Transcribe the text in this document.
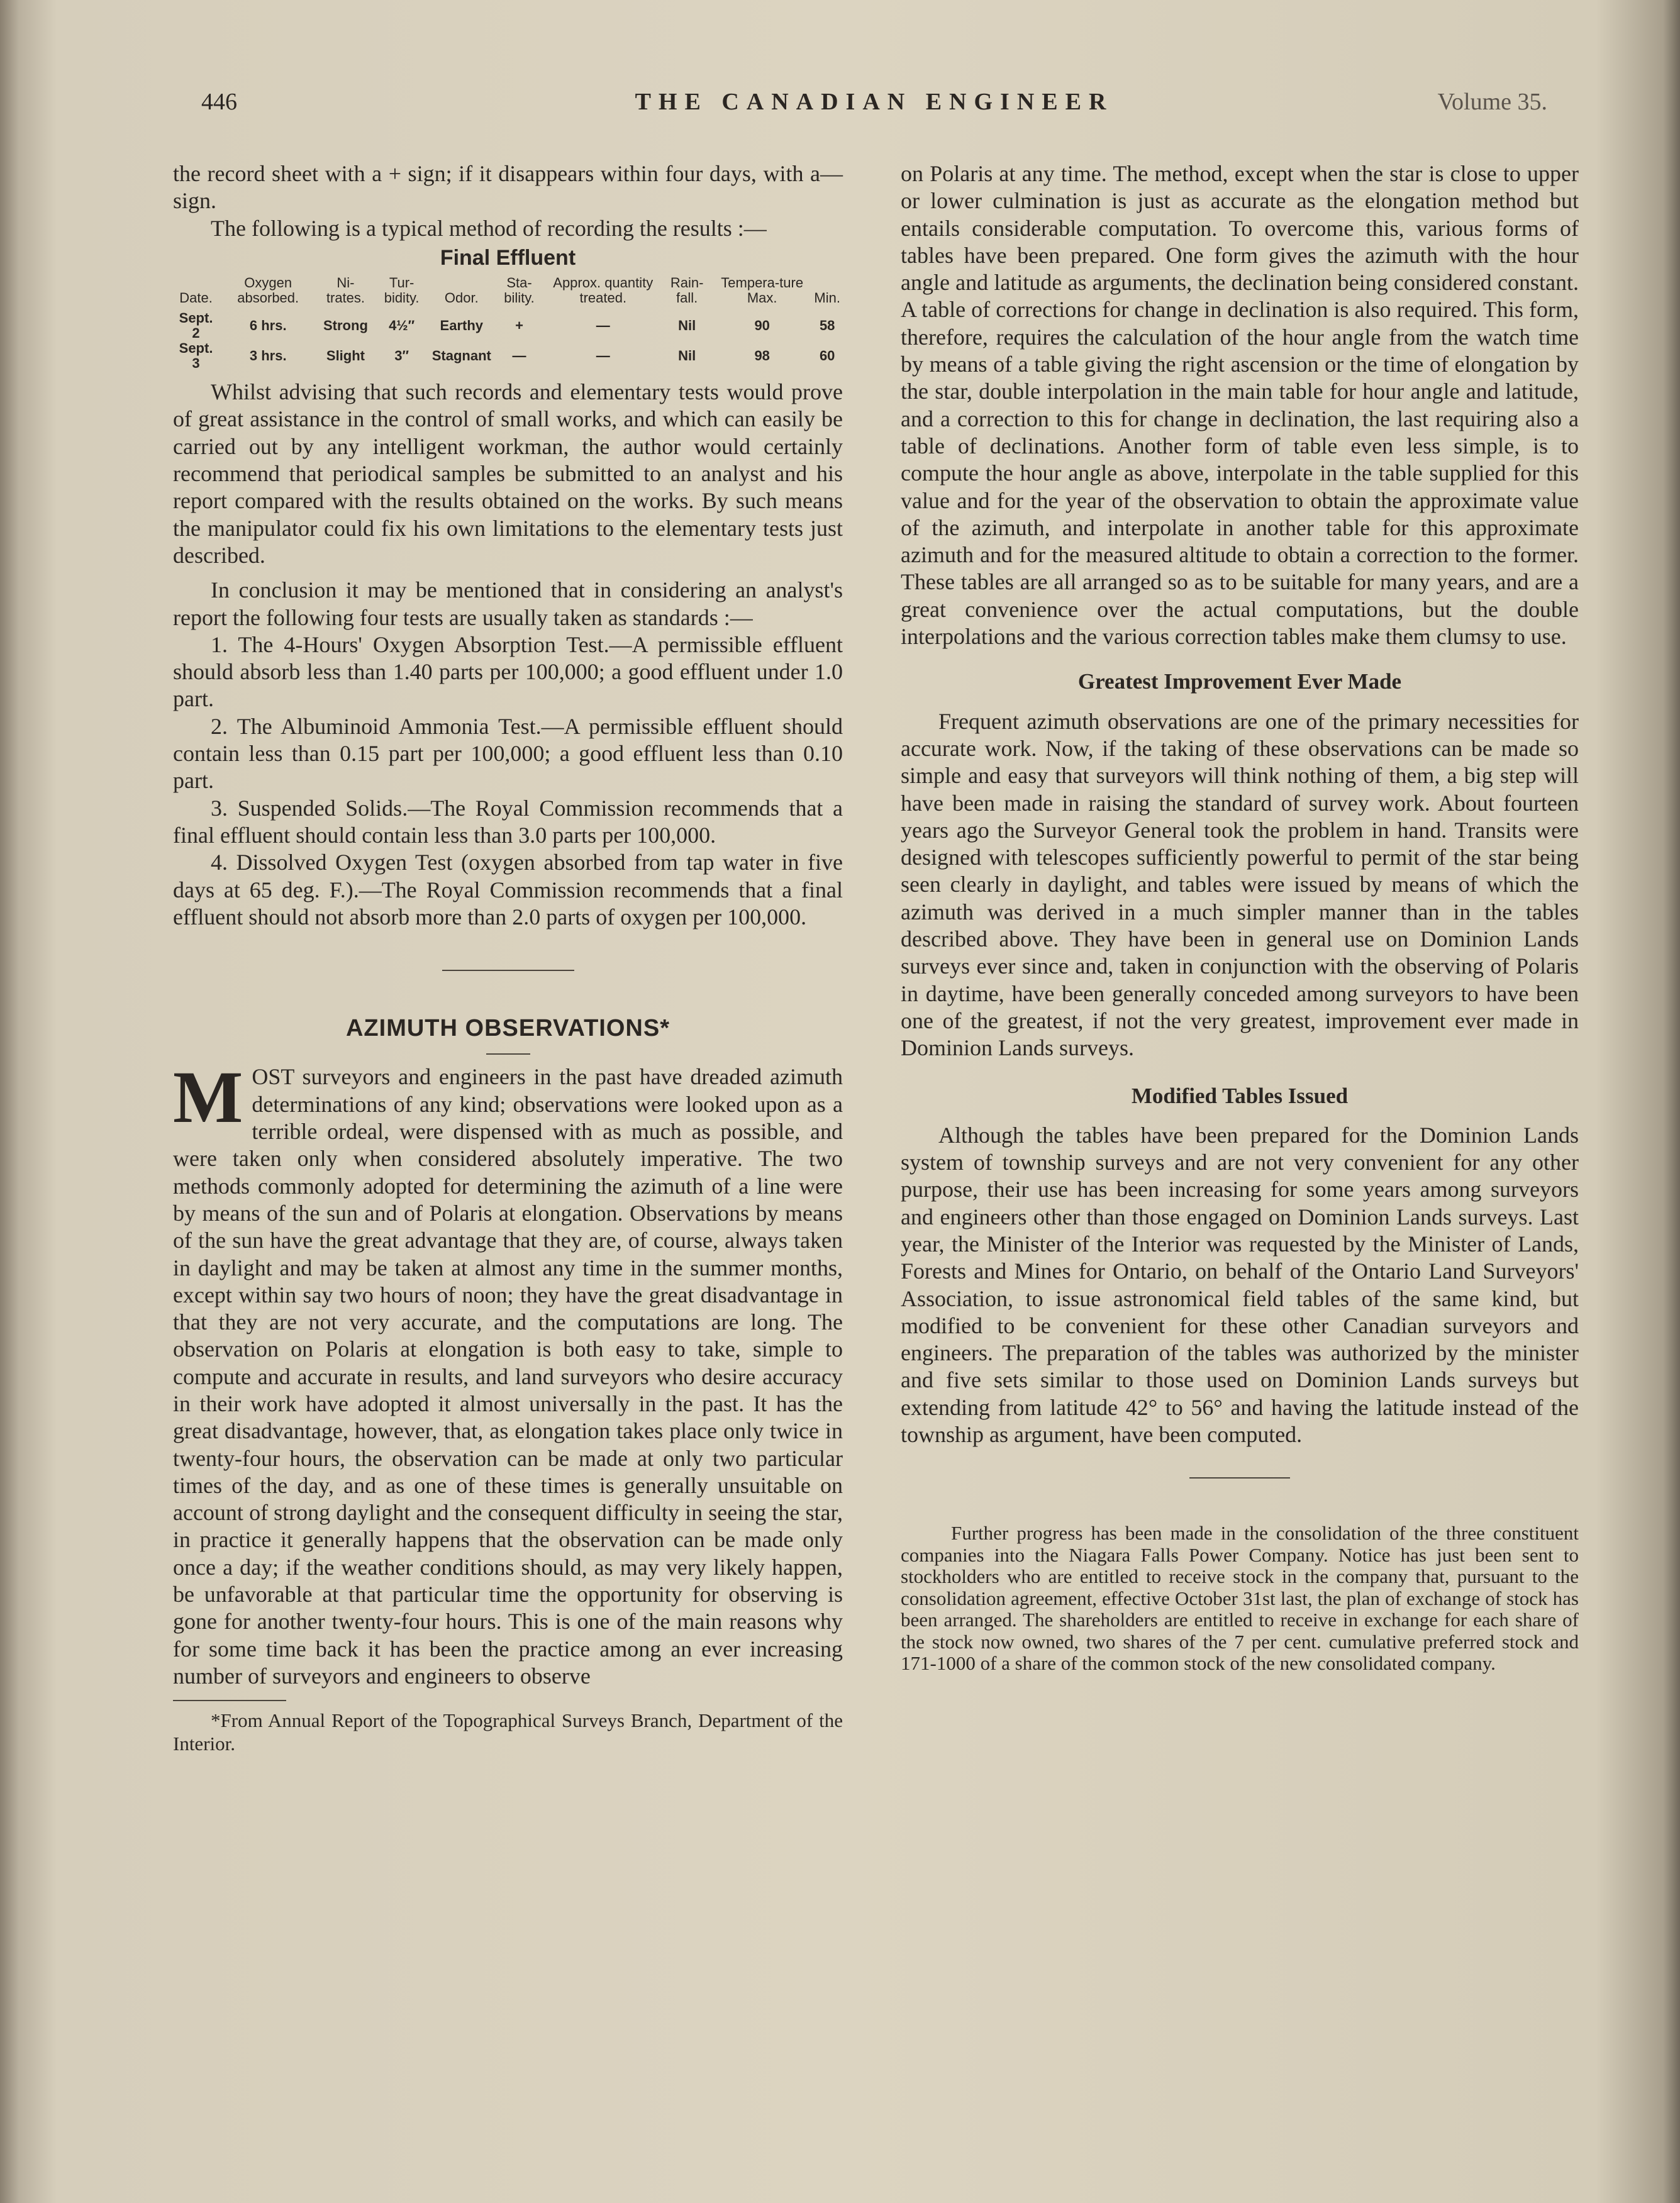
446	THE CANADIAN ENGINEER	Volume 35.

the record sheet with a + sign; if it disappears within four days, with a— sign.

The following is a typical method of recording the results :—

Final Effluent
Date.	Oxygen absorbed.	Ni-trates.	Tur-bidity.	Odor.	Sta-bility.	Approx. quantity treated.	Rain-fall.	Tempera-ture Max.	Min.
Sept. 2	6 hrs.	Strong	4½″	Earthy	+	—	Nil	90	58
Sept. 3	3 hrs.	Slight	3″	Stagnant	—	—	Nil	98	60

Whilst advising that such records and elementary tests would prove of great assistance in the control of small works, and which can easily be carried out by any intelligent workman, the author would certainly recommend that periodical samples be submitted to an analyst and his report compared with the results obtained on the works. By such means the manipulator could fix his own limitations to the elementary tests just described.

In conclusion it may be mentioned that in considering an analyst's report the following four tests are usually taken as standards :—

1. The 4-Hours' Oxygen Absorption Test.—A permissible effluent should absorb less than 1.40 parts per 100,000; a good effluent under 1.0 part.

2. The Albuminoid Ammonia Test.—A permissible effluent should contain less than 0.15 part per 100,000; a good effluent less than 0.10 part.

3. Suspended Solids.—The Royal Commission recommends that a final effluent should contain less than 3.0 parts per 100,000.

4. Dissolved Oxygen Test (oxygen absorbed from tap water in five days at 65 deg. F.).—The Royal Commission recommends that a final effluent should not absorb more than 2.0 parts of oxygen per 100,000.

AZIMUTH OBSERVATIONS*

MOST surveyors and engineers in the past have dreaded azimuth determinations of any kind; observations were looked upon as a terrible ordeal, were dispensed with as much as possible, and were taken only when considered absolutely imperative. The two methods commonly adopted for determining the azimuth of a line were by means of the sun and of Polaris at elongation. Observations by means of the sun have the great advantage that they are, of course, always taken in daylight and may be taken at almost any time in the summer months, except within say two hours of noon; they have the great disadvantage in that they are not very accurate, and the computations are long. The observation on Polaris at elongation is both easy to take, simple to compute and accurate in results, and land surveyors who desire accuracy in their work have adopted it almost universally in the past. It has the great disadvantage, however, that, as elongation takes place only twice in twenty-four hours, the observation can be made at only two particular times of the day, and as one of these times is generally unsuitable on account of strong daylight and the consequent difficulty in seeing the star, in practice it generally happens that the observation can be made only once a day; if the weather conditions should, as may very likely happen, be unfavorable at that particular time the opportunity for observing is gone for another twenty-four hours. This is one of the main reasons why for some time back it has been the practice among an ever increasing number of surveyors and engineers to observe

*From Annual Report of the Topographical Surveys Branch, Department of the Interior.

on Polaris at any time. The method, except when the star is close to upper or lower culmination is just as accurate as the elongation method but entails considerable computation. To overcome this, various forms of tables have been prepared. One form gives the azimuth with the hour angle and latitude as arguments, the declination being considered constant. A table of corrections for change in declination is also required. This form, therefore, requires the calculation of the hour angle from the watch time by means of a table giving the right ascension or the time of elongation by the star, double interpolation in the main table for hour angle and latitude, and a correction to this for change in declination, the last requiring also a table of declinations. Another form of table even less simple, is to compute the hour angle as above, interpolate in the table supplied for this value and for the year of the observation to obtain the approximate value of the azimuth, and interpolate in another table for this approximate azimuth and for the measured altitude to obtain a correction to the former. These tables are all arranged so as to be suitable for many years, and are a great convenience over the actual computations, but the double interpolations and the various correction tables make them clumsy to use.

Greatest Improvement Ever Made

Frequent azimuth observations are one of the primary necessities for accurate work. Now, if the taking of these observations can be made so simple and easy that surveyors will think nothing of them, a big step will have been made in raising the standard of survey work. About fourteen years ago the Surveyor General took the problem in hand. Transits were designed with telescopes sufficiently powerful to permit of the star being seen clearly in daylight, and tables were issued by means of which the azimuth was derived in a much simpler manner than in the tables described above. They have been in general use on Dominion Lands surveys ever since and, taken in conjunction with the observing of Polaris in daytime, have been generally conceded among surveyors to have been one of the greatest, if not the very greatest, improvement ever made in Dominion Lands surveys.

Modified Tables Issued

Although the tables have been prepared for the Dominion Lands system of township surveys and are not very convenient for any other purpose, their use has been increasing for some years among surveyors and engineers other than those engaged on Dominion Lands surveys. Last year, the Minister of the Interior was requested by the Minister of Lands, Forests and Mines for Ontario, on behalf of the Ontario Land Surveyors' Association, to issue astronomical field tables of the same kind, but modified to be convenient for these other Canadian surveyors and engineers. The preparation of the tables was authorized by the minister and five sets similar to those used on Dominion Lands surveys but extending from latitude 42° to 56° and having the latitude instead of the township as argument, have been computed.

Further progress has been made in the consolidation of the three constituent companies into the Niagara Falls Power Company. Notice has just been sent to stockholders who are entitled to receive stock in the company that, pursuant to the consolidation agreement, effective October 31st last, the plan of exchange of stock has been arranged. The shareholders are entitled to receive in exchange for each share of the stock now owned, two shares of the 7 per cent. cumulative preferred stock and 171-1000 of a share of the common stock of the new consolidated company.
